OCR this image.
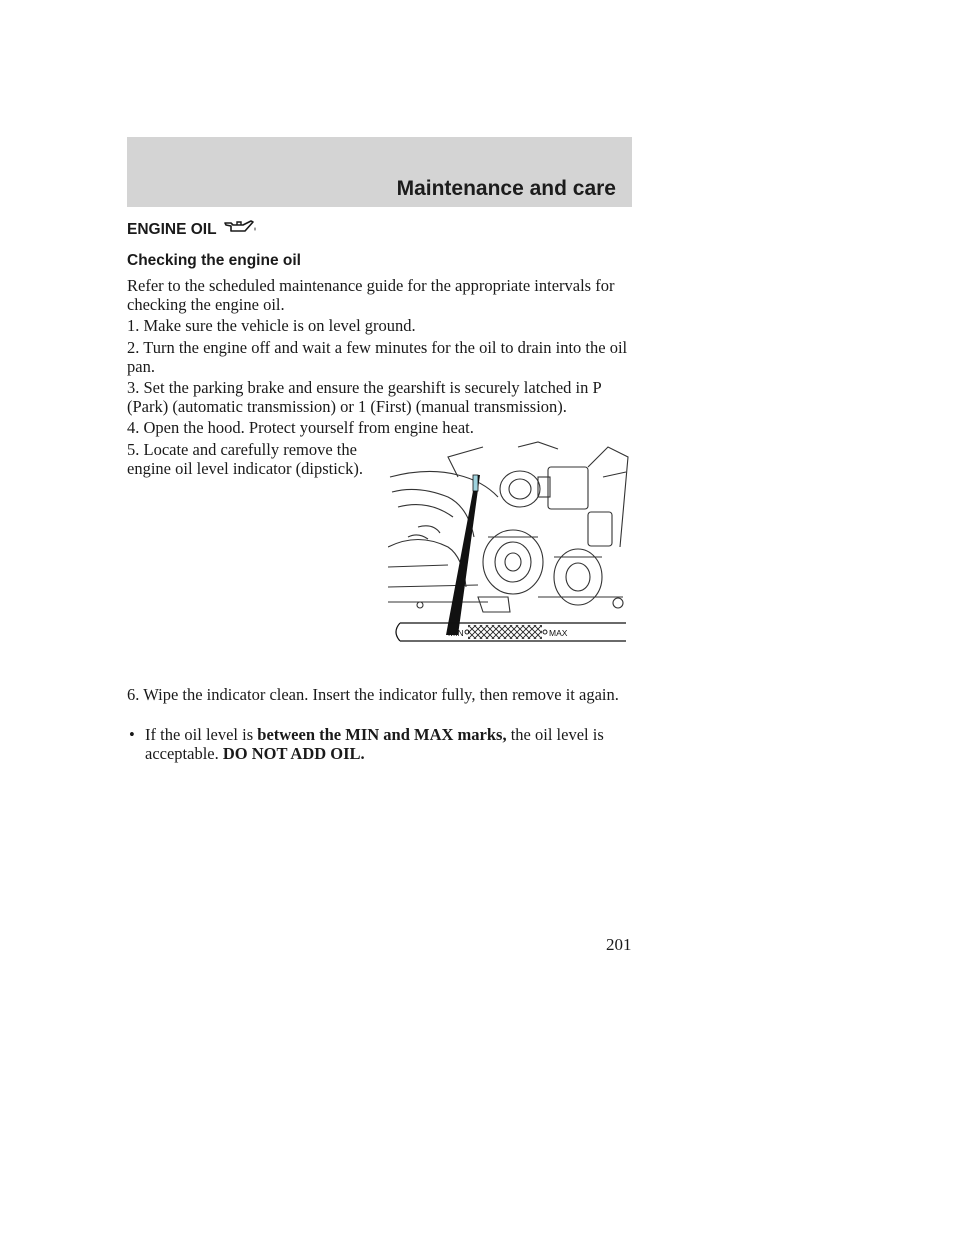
Maintenance and care
ENGINE OIL
Checking the engine oil

Refer to the scheduled maintenance guide for the appropriate intervals for checking the engine oil.

1. Make sure the vehicle is on level ground.

2. Turn the engine off and wait a few minutes for the oil to drain into the oil pan.

3. Set the parking brake and ensure the gearshift is securely latched in P (Park) (automatic transmission) or 1 (First) (manual transmission).

4. Open the hood. Protect yourself from engine heat.

5. Locate and carefully remove the engine oil level indicator (dipstick).

MIN	MAX

6. Wipe the indicator clean. Insert the indicator fully, then remove it again.

• If the oil level is between the MIN and MAX marks, the oil level is acceptable. DO NOT ADD OIL.
201
